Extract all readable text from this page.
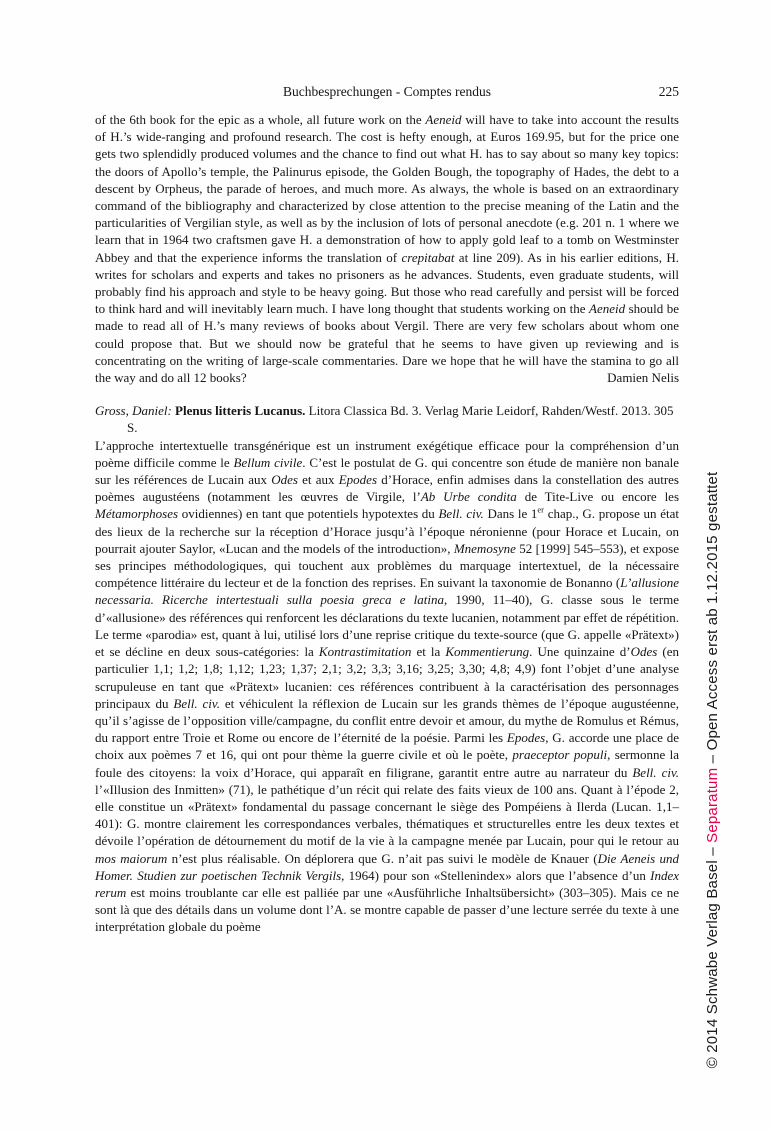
Buchbesprechungen - Comptes rendus	225

of the 6th book for the epic as a whole, all future work on the Aeneid will have to take into account the results of H.’s wide-ranging and profound research. The cost is hefty enough, at Euros 169.95, but for the price one gets two splendidly produced volumes and the chance to find out what H. has to say about so many key topics: the doors of Apollo’s temple, the Palinurus episode, the Golden Bough, the topography of Hades, the debt to a descent by Orpheus, the parade of heroes, and much more. As always, the whole is based on an extraordinary command of the bibliography and characterized by close attention to the precise meaning of the Latin and the particularities of Vergilian style, as well as by the inclusion of lots of personal anecdote (e.g. 201 n. 1 where we learn that in 1964 two craftsmen gave H. a demonstration of how to apply gold leaf to a tomb on Westminster Abbey and that the experience informs the translation of crepitabat at line 209). As in his earlier editions, H. writes for scholars and experts and takes no prisoners as he advances. Students, even graduate students, will probably find his approach and style to be heavy going. But those who read carefully and persist will be forced to think hard and will inevitably learn much. I have long thought that students working on the Aeneid should be made to read all of H.’s many reviews of books about Vergil. There are very few scholars about whom one could propose that. But we should now be grateful that he seems to have given up reviewing and is concentrating on the writing of large-scale commentaries. Dare we hope that he will have the stamina to go all the way and do all 12 books?	Damien Nelis

Gross, Daniel: Plenus litteris Lucanus. Litora Classica Bd. 3. Verlag Marie Leidorf, Rahden/Westf. 2013. 305 S.

L’approche intertextuelle transgénérique est un instrument exégétique efficace pour la compréhension d’un poème difficile comme le Bellum civile. C’est le postulat de G. qui concentre son étude de manière non banale sur les références de Lucain aux Odes et aux Epodes d’Horace, enfin admises dans la constellation des autres poèmes augustéens (notamment les œuvres de Virgile, l’Ab Urbe condita de Tite-Live ou encore les Métamorphoses ovidiennes) en tant que potentiels hypotextes du Bell. civ. Dans le 1er chap., G. propose un état des lieux de la recherche sur la réception d’Horace jusqu’à l’époque néronienne (pour Horace et Lucain, on pourrait ajouter Saylor, «Lucan and the models of the introduction», Mnemosyne 52 [1999] 545–553), et expose ses principes méthodologiques, qui touchent aux problèmes du marquage intertextuel, de la nécessaire compétence littéraire du lecteur et de la fonction des reprises. En suivant la taxonomie de Bonanno (L’allusione necessaria. Ricerche intertestuali sulla poesia greca e latina, 1990, 11–40), G. classe sous le terme d’«allusione» des références qui renforcent les déclarations du texte lucanien, notamment par effet de répétition. Le terme «parodia» est, quant à lui, utilisé lors d’une reprise critique du texte-source (que G. appelle «Prätext») et se décline en deux sous-catégories: la Kontrastimitation et la Kommentierung. Une quinzaine d’Odes (en particulier 1,1; 1,2; 1,8; 1,12; 1,23; 1,37; 2,1; 3,2; 3,3; 3,16; 3,25; 3,30; 4,8; 4,9) font l’objet d’une analyse scrupuleuse en tant que «Prätext» lucanien: ces références contribuent à la caractérisation des personnages principaux du Bell. civ. et véhiculent la réflexion de Lucain sur les grands thèmes de l’époque augustéenne, qu’il s’agisse de l’opposition ville/campagne, du conflit entre devoir et amour, du mythe de Romulus et Rémus, du rapport entre Troie et Rome ou encore de l’éternité de la poésie. Parmi les Epodes, G. accorde une place de choix aux poèmes 7 et 16, qui ont pour thème la guerre civile et où le poète, praeceptor populi, sermonne la foule des citoyens: la voix d’Horace, qui apparaît en filigrane, garantit entre autre au narrateur du Bell. civ. l’«Illusion des Inmitten» (71), le pathétique d’un récit qui relate des faits vieux de 100 ans. Quant à l’épode 2, elle constitue un «Prätext» fondamental du passage concernant le siège des Pompéiens à Ilerda (Lucan. 1,1–401): G. montre clairement les correspondances verbales, thématiques et structurelles entre les deux textes et dévoile l’opération de détournement du motif de la vie à la campagne menée par Lucain, pour qui le retour au mos maiorum n’est plus réalisable. On déplorera que G. n’ait pas suivi le modèle de Knauer (Die Aeneis und Homer. Studien zur poetischen Technik Vergils, 1964) pour son «Stellenindex» alors que l’absence d’un Index rerum est moins troublante car elle est palliée par une «Ausführliche Inhaltsübersicht» (303–305). Mais ce ne sont là que des détails dans un volume dont l’A. se montre capable de passer d’une lecture serrée du texte à une interprétation globale du poème	© 2014 Schwabe Verlag Basel – Separatum – Open Access erst ab 1.12.2015 gestattet
